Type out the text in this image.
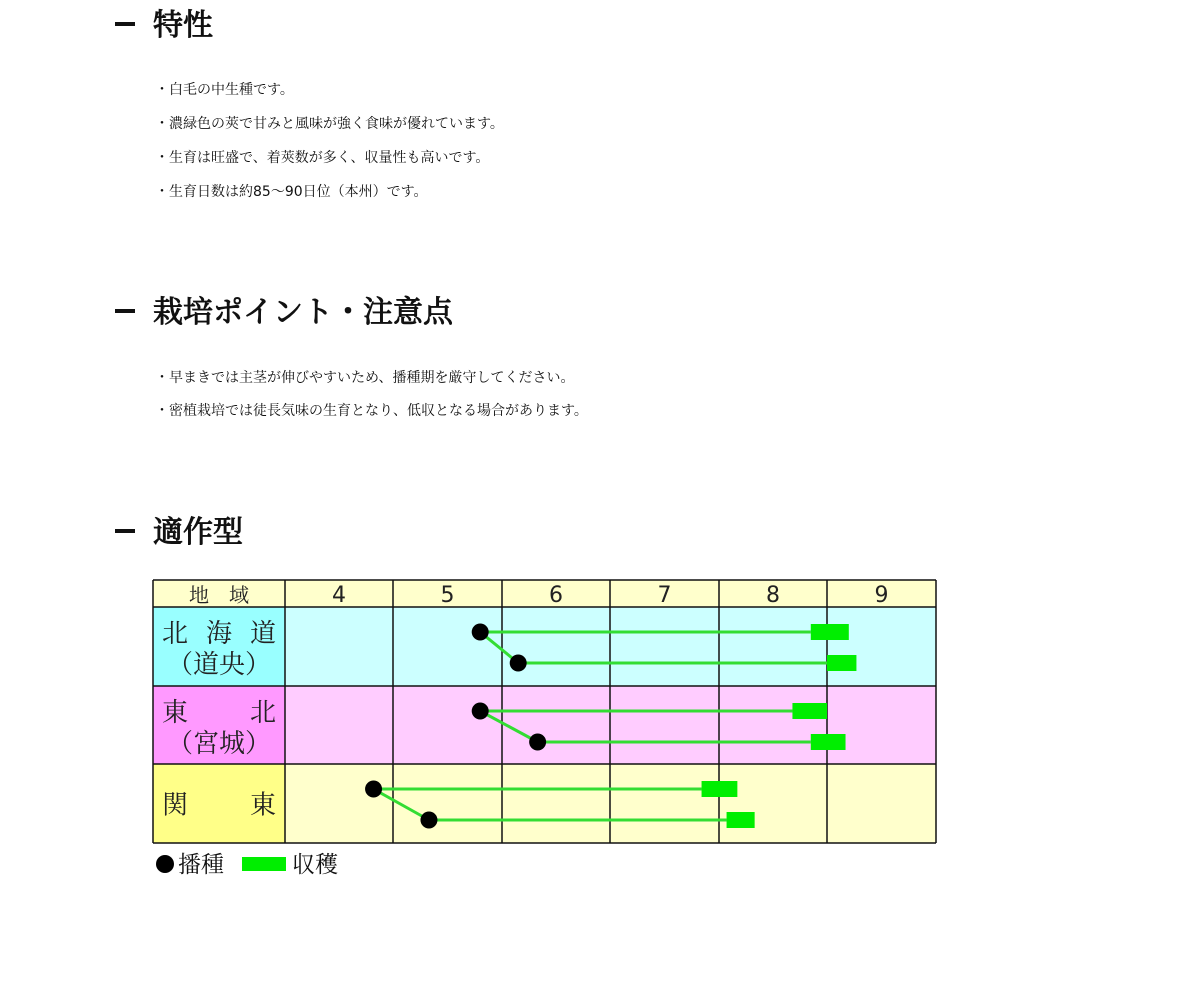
特性
・白毛の中生種です。
・濃緑色の莢で甘みと風味が強く食味が優れています。
・生育は旺盛で、着莢数が多く、収量性も高いです。
・生育日数は約85～90日位（本州）です。
栽培ポイント・注意点
・早まきでは主茎が伸びやすいため、播種期を厳守してください。
・密植栽培では徒長気味の生育となり、低収となる場合があります。
適作型
地　域	4	5	6	7	8	9
北 海 道
（道央）
東　　北
（宮城）
関　　東
播種	収穫
